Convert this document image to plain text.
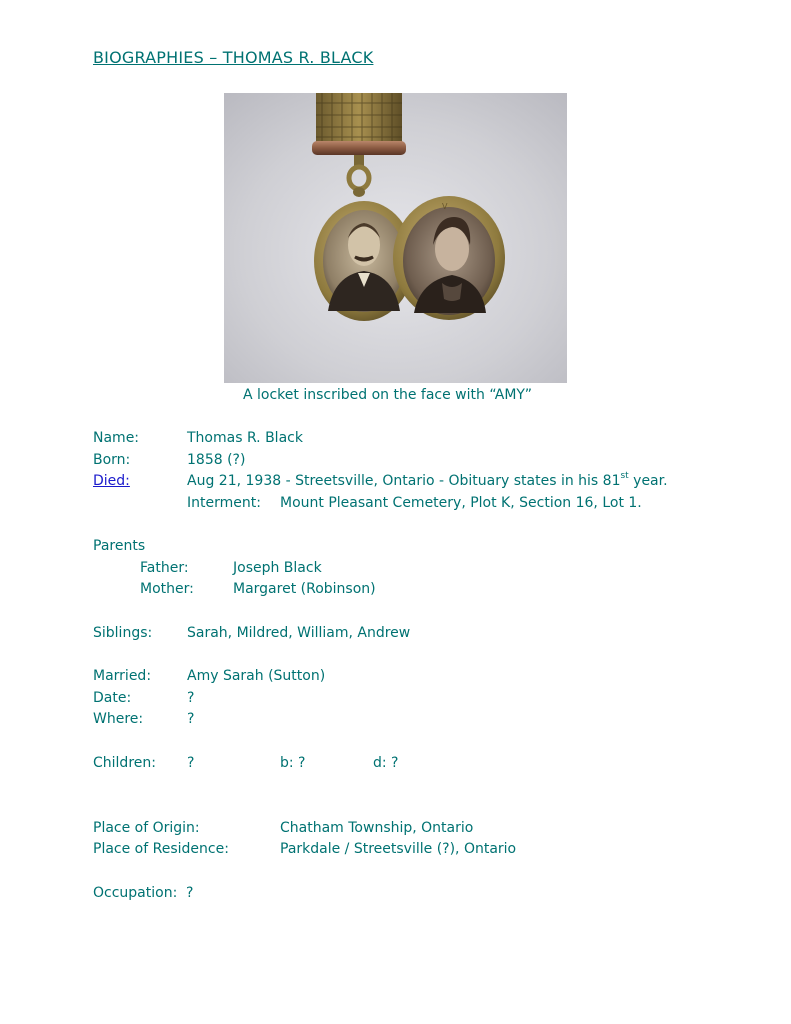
BIOGRAPHIES – THOMAS R. BLACK
V
A locket inscribed on the face with “AMY”
Name:	Thomas R. Black
Born:	1858 (?)
Died:	Aug 21, 1938 - Streetsville, Ontario - Obituary states in his 81st year.
Interment: Mount Pleasant Cemetery, Plot K, Section 16, Lot 1.
Parents
Father:	Joseph Black
Mother:	Margaret (Robinson)
Siblings: Sarah, Mildred, William, Andrew
Married:	Amy Sarah (Sutton)
Date:	?
Where:	?
Children: ?	b: ?	d: ?
Place of Origin:	Chatham Township, Ontario
Place of Residence:	Parkdale / Streetsville (?), Ontario
Occupation: ?
